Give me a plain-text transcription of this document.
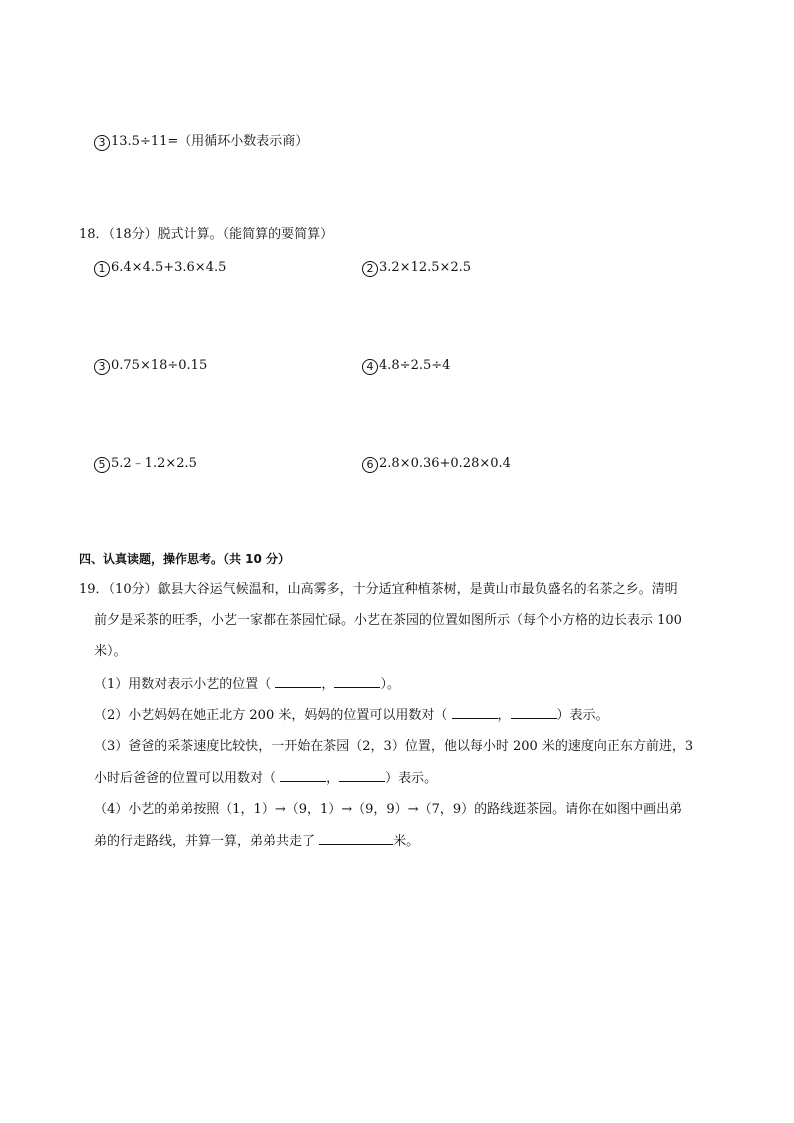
3 13.5÷11=（用循环小数表示商）
18．（18分）脱式计算。（能简算的要简算）
1 6.4×4.5+3.6×4.5	2 3.2×12.5×2.5
3 0.75×18÷0.15	4 4.8÷2.5÷4
5 5.2﹣1.2×2.5	6 2.8×0.36+0.28×0.4
四、认真读题，操作思考。（共 10 分）
19．（10分）歙县大谷运气候温和，山高雾多，十分适宜种植茶树，是黄山市最负盛名的名茶之乡。清明
前夕是采茶的旺季，小艺一家都在茶园忙碌。小艺在茶园的位置如图所示（每个小方格的边长表示 100
米）。
（1）用数对表示小艺的位置（	，	）。
（2）小艺妈妈在她正北方 200 米，妈妈的位置可以用数对（	，	）表示。
（3）爸爸的采茶速度比较快，一开始在茶园（2，3）位置，他以每小时 200 米的速度向正东方前进，3
小时后爸爸的位置可以用数对（	，	）表示。
（4）小艺的弟弟按照（1，1）→（9，1）→（9，9）→（7，9）的路线逛茶园。请你在如图中画出弟
弟的行走路线，并算一算，弟弟共走了	米。
